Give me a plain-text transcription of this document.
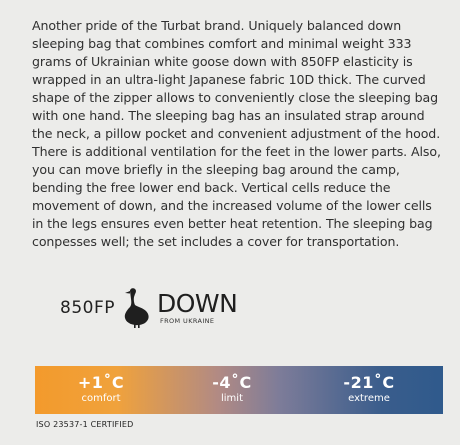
Another pride of the Turbat brand. Uniquely balanced down sleeping bag that combines comfort and minimal weight 333 grams of Ukrainian white goose down with 850FP elasticity is wrapped in an ultra-light Japanese fabric 10D thick. The curved shape of the zipper allows to conveniently close the sleeping bag with one hand. The sleeping bag has an insulated strap around the neck, a pillow pocket and convenient adjustment of the hood. There is additional ventilation for the feet in the lower parts. Also, you can move briefly in the sleeping bag around the camp, bending the free lower end back. Vertical cells reduce the movement of down, and the increased volume of the lower cells in the legs ensures even better heat retention. The sleeping bag conpesses well; the set includes a cover for transportation.

850FP DOWN
FROM UKRAINE
+1˚C
comfort
-4˚C
limit
-21˚C
extreme
ISO 23537-1 CERTIFIED
